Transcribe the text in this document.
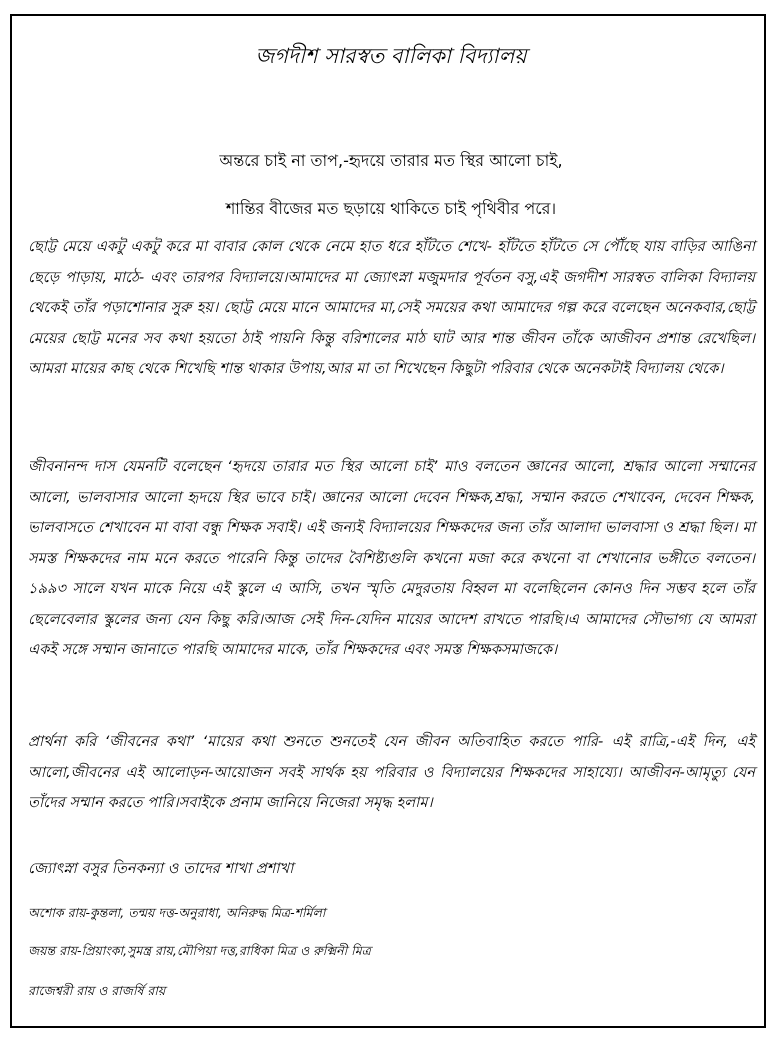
জগদীশ সারস্বত বালিকা বিদ্যালয়

অন্তরে চাই না তাপ,-হৃদয়ে তারার মত স্থির আলো চাই,

শান্তির বীজের মত ছড়ায়ে থাকিতে চাই পৃথিবীর পরে।

ছোট্ট মেয়ে একটু একটু করে মা বাবার কোল থেকে নেমে হাত ধরে হাঁটতে শেখে- হাঁটতে হাঁটতে সে পৌঁছে যায় বাড়ির আঙিনা ছেড়ে পাড়ায়, মাঠে- এবং তারপর বিদ্যালয়ে।আমাদের মা জ্যোৎস্না মজুমদার পূর্বতন বসু,এই জগদীশ সারস্বত বালিকা বিদ্যালয় থেকেই তাঁর পড়াশোনার সুরু হয়। ছোট্ট মেয়ে মানে আমাদের মা,সেই সময়ের কথা আমাদের গল্প করে বলেছেন অনেকবার,ছোট্ট মেয়ের ছোট্ট মনের সব কথা হয়তো ঠাই পায়নি কিন্তু বরিশালের মাঠ ঘাট আর শান্ত জীবন তাঁকে আজীবন প্রশান্ত রেখেছিল। আমরা মায়ের কাছ থেকে শিখেছি শান্ত থাকার উপায়,আর মা তা শিখেছেন কিছুটা পরিবার থেকে অনেকটাই বিদ্যালয় থেকে।

জীবনানন্দ দাস যেমনটি বলেছেন ‘হৃদয়ে তারার মত স্থির আলো চাই’ মাও বলতেন জ্ঞানের আলো, শ্রদ্ধার আলো সম্মানের আলো, ভালবাসার আলো হৃদয়ে স্থির ভাবে চাই। জ্ঞানের আলো দেবেন শিক্ষক,শ্রদ্ধা, সম্মান করতে শেখাবেন, দেবেন শিক্ষক, ভালবাসতে শেখাবেন মা বাবা বন্ধু শিক্ষক সবাই। এই জন্যই বিদ্যালয়ের শিক্ষকদের জন্য তাঁর আলাদা ভালবাসা ও শ্রদ্ধা ছিল। মা সমস্ত শিক্ষকদের নাম মনে করতে পারেনি কিন্তু তাদের বৈশিষ্ট্যগুলি কখনো মজা করে কখনো বা শেখানোর ভঙ্গীতে বলতেন।১৯৯৩ সালে যখন মাকে নিয়ে এই স্কুলে এ আসি, তখন স্মৃতি মেদুরতায় বিহ্বল মা বলেছিলেন কোনও দিন সম্ভব হলে তাঁর ছেলেবেলার স্কুলের জন্য যেন কিছু করি।আজ সেই দিন-যেদিন মায়ের আদেশ রাখতে পারছি।এ আমাদের সৌভাগ্য যে আমরা একই সঙ্গে সম্মান জানাতে পারছি আমাদের মাকে, তাঁর শিক্ষকদের এবং সমস্ত শিক্ষকসমাজকে।

প্রার্থনা করি ‘জীবনের কথা’ ‘মায়ের কথা শুনতে শুনতেই যেন জীবন অতিবাহিত করতে পারি- এই রাত্রি,-এই দিন, এই আলো,জীবনের এই আলোড়ন-আয়োজন সবই সার্থক হয় পরিবার ও বিদ্যালয়ের শিক্ষকদের সাহায্যে। আজীবন-আমৃত্যু যেন তাঁদের সম্মান করতে পারি।সবাইকে প্রনাম জানিয়ে নিজেরা সমৃদ্ধ হলাম।

জ্যোৎস্না বসুর তিনকন্যা ও তাদের শাখা প্রশাখা

অশোক রায়-কুন্তলা, তন্ময় দত্ত-অনুরাধা, অনিরুদ্ধ মিত্র-শর্মিলা

জয়ন্ত রায়-প্রিয়াংকা,সুমন্ত্র রায়,মৌপিয়া দত্ত,রাধিকা মিত্র ও রুক্মিনী মিত্র

রাজেশ্বরী রায় ও রাজর্ষি রায়
